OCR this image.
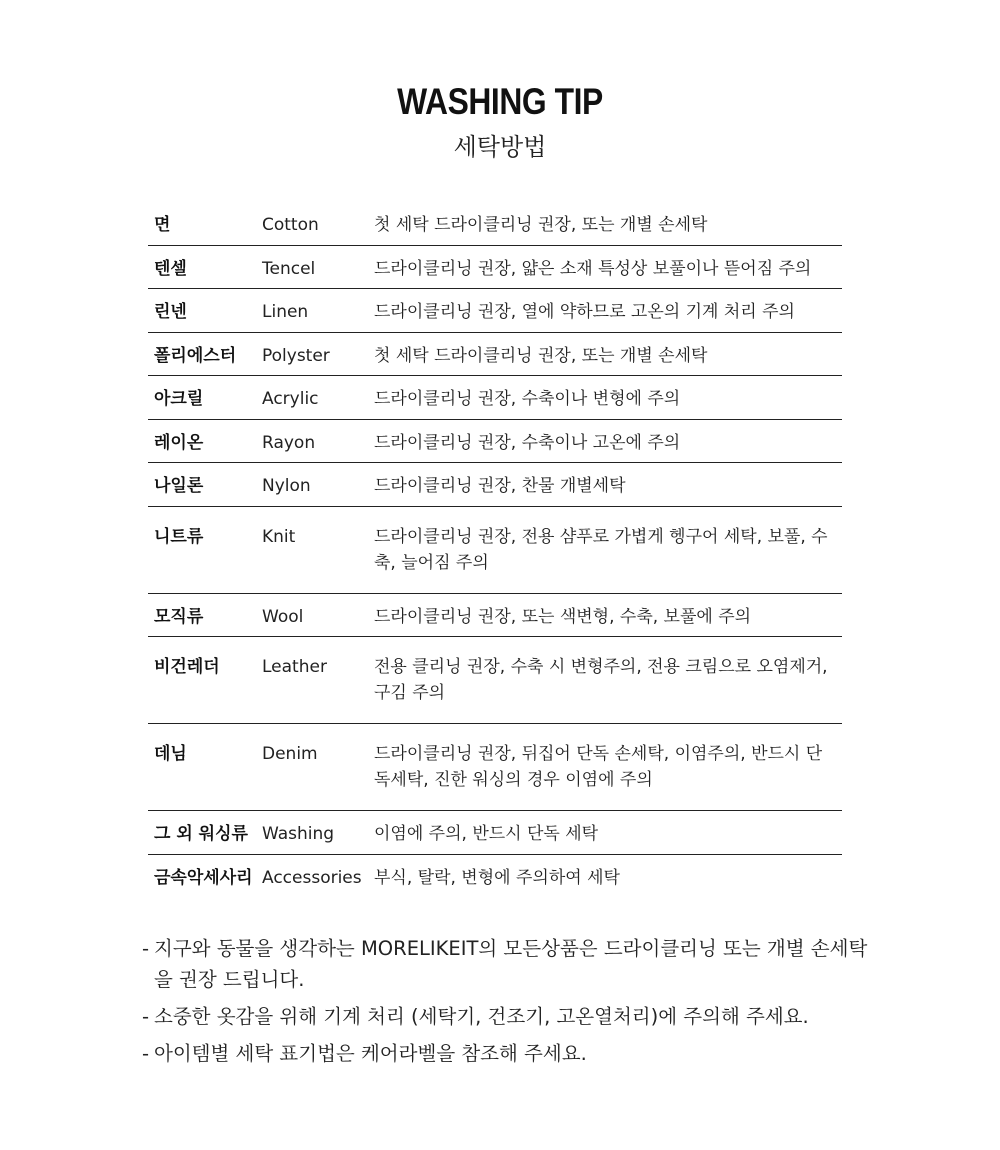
WASHING TIP
세탁방법
면	Cotton	첫 세탁 드라이클리닝 권장, 또는 개별 손세탁
텐셀	Tencel	드라이클리닝 권장, 얇은 소재 특성상 보풀이나 뜯어짐 주의
린넨	Linen	드라이클리닝 권장, 열에 약하므로 고온의 기계 처리 주의
폴리에스터	Polyster	첫 세탁 드라이클리닝 권장, 또는 개별 손세탁
아크릴	Acrylic	드라이클리닝 권장, 수축이나 변형에 주의
레이온	Rayon	드라이클리닝 권장, 수축이나 고온에 주의
나일론	Nylon	드라이클리닝 권장, 찬물 개별세탁
니트류	Knit	드라이클리닝 권장, 전용 샴푸로 가볍게 헹구어 세탁, 보풀, 수축, 늘어짐 주의
모직류	Wool	드라이클리닝 권장, 또는 색변형, 수축, 보풀에 주의
비건레더	Leather	전용 클리닝 권장, 수축 시 변형주의, 전용 크림으로 오염제거,구김 주의
데님	Denim	드라이클리닝 권장, 뒤집어 단독 손세탁, 이염주의, 반드시 단독세탁, 진한 워싱의 경우 이염에 주의
그 외 워싱류 Washing	이염에 주의, 반드시 단독 세탁
금속악세사리 Accessories 부식, 탈락, 변형에 주의하여 세탁
- 지구와 동물을 생각하는 MORELIKEIT의 모든상품은 드라이클리닝 또는 개별 손세탁을 권장 드립니다.
- 소중한 옷감을 위해 기계 처리 (세탁기, 건조기, 고온열처리)에 주의해 주세요.
- 아이템별 세탁 표기법은 케어라벨을 참조해 주세요.
